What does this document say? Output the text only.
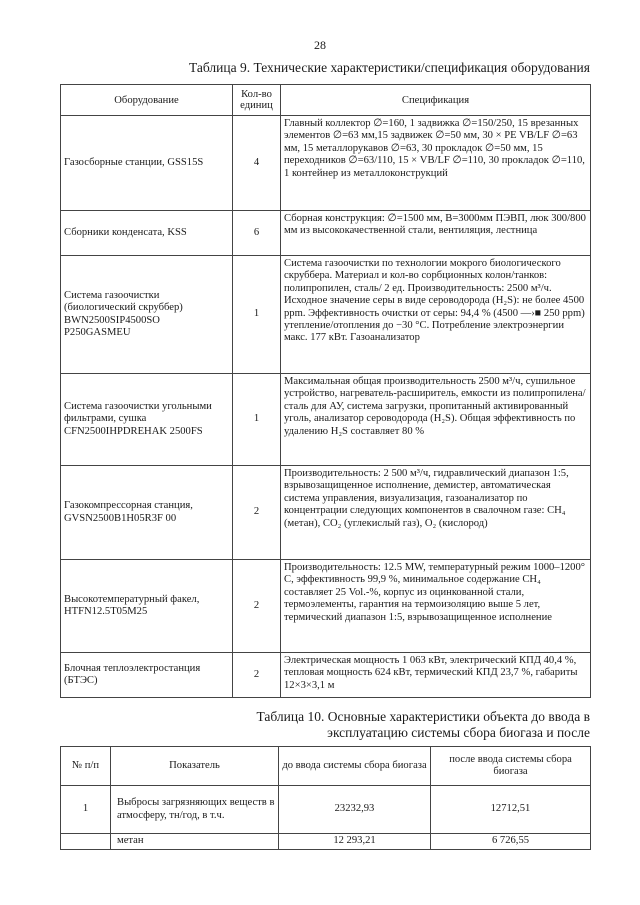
28
Таблица 9. Технические характеристики/спецификация оборудования
Оборудование	Кол-во единиц	Спецификация
Газосборные станции, GSS15S	4	Главный коллектор ∅=160, 1 задвижка ∅=150/250, 15 врезанных элементов ∅=63 мм,15 задвижек ∅=50 мм, 30 × PE VB/LF ∅=63 мм, 15 металлорукавов ∅=63, 30 прокладок ∅=50 мм, 15 переходников ∅=63/110, 15 × VB/LF ∅=110, 30 прокладок ∅=110, 1 контейнер из металлоконструкций
Сборники конденсата, KSS	6	Сборная конструкция: ∅=1500 мм, В=3000мм ПЭВП, люк 300/800 мм из высококачественной стали, вентиляция, лестница
Система газоочистки (биологический скруббер) BWN2500SIP4500SO P250GASMEU	1	Система газоочистки по технологии мокрого биологического скруббера. Материал и кол-во сорбционных колон/танков: полипропилен, сталь/ 2 ед. Производительность: 2500 м³/ч. Исходное значение серы в виде сероводорода (H₂S): не более 4500 ppm. Эффективность очистки от серы: 94,4 % (4500 —›■ 250 ppm) утепление/отопления до −30 °С. Потребление электроэнергии макс. 177 кВт. Газоанализатор
Система газоочистки угольными фильтрами, сушка CFN2500IHPDREHAK 2500FS	1	Максимальная общая производительность 2500 м³/ч, сушильное устройство, нагреватель-расширитель, емкости из полипропилена/ сталь для АУ, система загрузки, пропитанный активированный уголь, анализатор сероводорода (H₂S). Общая эффективность по удалению H₂S составляет 80 %
Газокомпрессорная станция, GVSN2500B1H05R3F 00	2	Производительность: 2 500 м³/ч, гидравлический диапазон 1:5, взрывозащищенное исполнение, демистер, автоматическая система управления, визуализация, газоанализатор по концентрации следующих компонентов в свалочном газе: CH₄ (метан), CO₂ (углекислый газ), O₂ (кислород)
Высокотемпературный факел, HTFN12.5T05M25	2	Производительность: 12.5 MW, температурный режим 1000–1200° С, эффективность 99,9 %, минимальное содержание CH₄ составляет 25 Vol.-%, корпус из оцинкованной стали, термоэлементы, гарантия на термоизоляцию выше 5 лет, термический диапазон 1:5, взрывозащищенное исполнение
Блочная теплоэлектростанция (БТЭС)	2	Электрическая мощность 1 063 кВт, электрический КПД 40,4 %, тепловая мощность 624 кВт, термический КПД 23,7 %, габариты 12×3×3,1 м
Таблица 10. Основные характеристики объекта до ввода в эксплуатацию системы сбора биогаза и после
№ п/п	Показатель	до ввода системы сбора биогаза	после ввода системы сбора биогаза
1	Выбросы загрязняющих веществ в атмосферу, тн/год, в т.ч.	23232,93	12712,51
	метан	12 293,21	6 726,55
